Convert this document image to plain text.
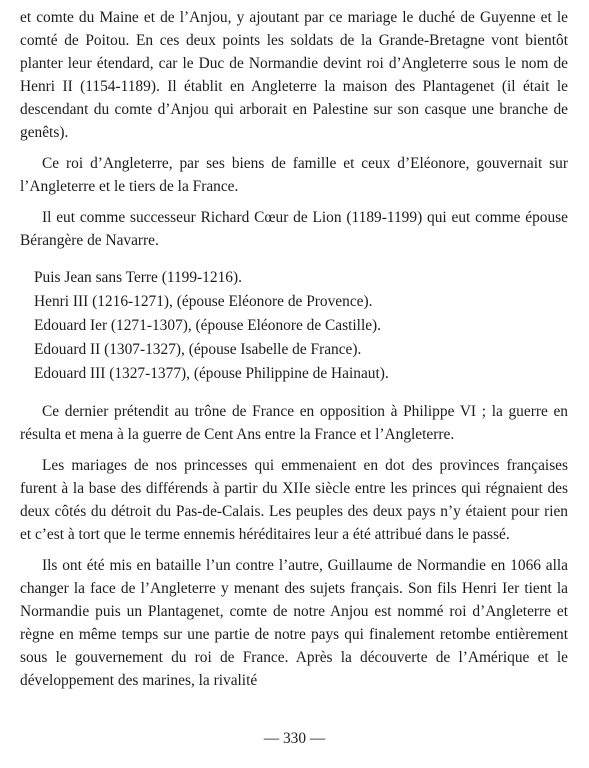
et comte du Maine et de l’Anjou, y ajoutant par ce mariage le duché de Guyenne et le comté de Poitou. En ces deux points les soldats de la Grande-Bretagne vont bientôt planter leur étendard, car le Duc de Normandie devint roi d’Angleterre sous le nom de Henri II (1154-1189). Il établit en Angleterre la maison des Plantagenet (il était le descendant du comte d’Anjou qui arborait en Palestine sur son casque une branche de genêts).

Ce roi d’Angleterre, par ses biens de famille et ceux d’Eléonore, gouvernait sur l’Angleterre et le tiers de la France.

Il eut comme successeur Richard Cœur de Lion (1189-1199) qui eut comme épouse Bérangère de Navarre.

Puis Jean sans Terre (1199-1216).
Henri III (1216-1271), (épouse Eléonore de Provence).
Edouard Ier (1271-1307), (épouse Eléonore de Castille).
Edouard II (1307-1327), (épouse Isabelle de France).
Edouard III (1327-1377), (épouse Philippine de Hainaut).

Ce dernier prétendit au trône de France en opposition à Philippe VI ; la guerre en résulta et mena à la guerre de Cent Ans entre la France et l’Angleterre.

Les mariages de nos princesses qui emmenaient en dot des provinces françaises furent à la base des différends à partir du XIIe siècle entre les princes qui régnaient des deux côtés du détroit du Pas-de-Calais. Les peuples des deux pays n’y étaient pour rien et c’est à tort que le terme ennemis héréditaires leur a été attribué dans le passé.

Ils ont été mis en bataille l’un contre l’autre, Guillaume de Normandie en 1066 alla changer la face de l’Angleterre y menant des sujets français. Son fils Henri Ier tient la Normandie puis un Plantagenet, comte de notre Anjou est nommé roi d’Angleterre et règne en même temps sur une partie de notre pays qui finalement retombe entièrement sous le gouvernement du roi de France. Après la découverte de l’Amérique et le développement des marines, la rivalité

— 330 —
